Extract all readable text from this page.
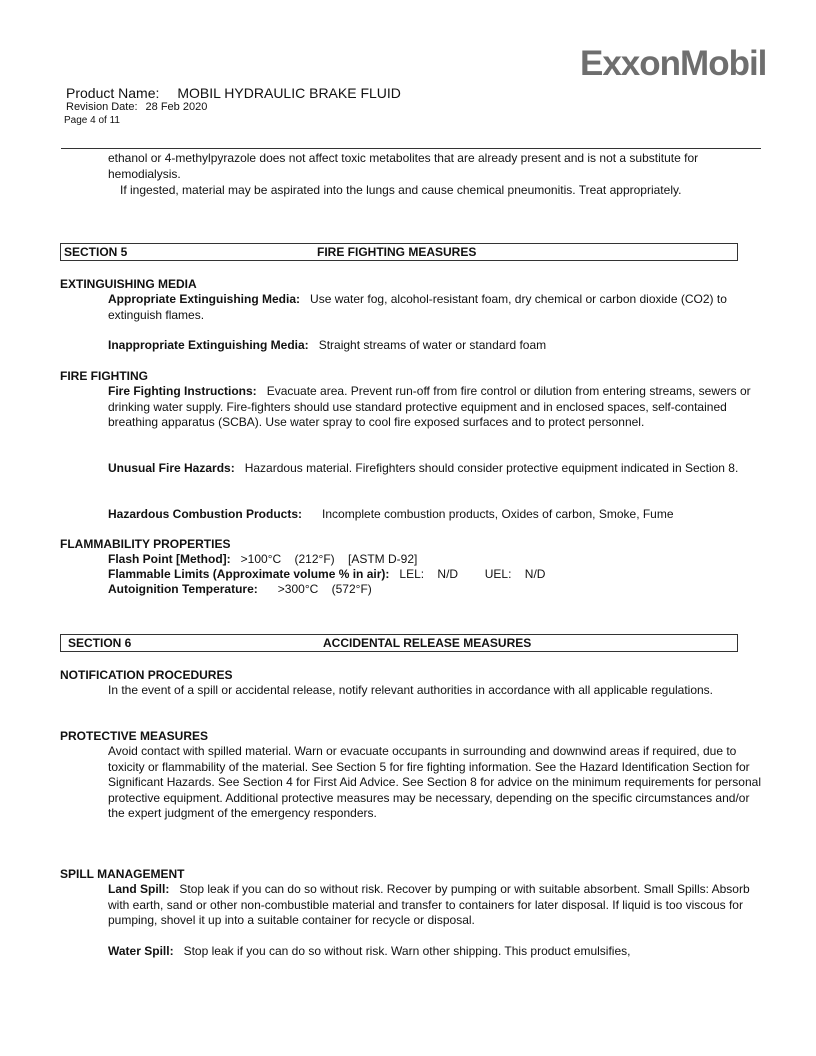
ExxonMobil
Product Name: MOBIL HYDRAULIC BRAKE FLUID
Revision Date: 28 Feb 2020
Page 4 of 11
ethanol or 4-methylpyrazole does not affect toxic metabolites that are already present and is not a substitute for hemodialysis.
If ingested, material may be aspirated into the lungs and cause chemical pneumonitis. Treat appropriately.
SECTION 5	FIRE FIGHTING MEASURES
EXTINGUISHING MEDIA
Appropriate Extinguishing Media: Use water fog, alcohol-resistant foam, dry chemical or carbon dioxide (CO2) to extinguish flames.
Inappropriate Extinguishing Media: Straight streams of water or standard foam
FIRE FIGHTING
Fire Fighting Instructions: Evacuate area. Prevent run-off from fire control or dilution from entering streams, sewers or drinking water supply. Fire-fighters should use standard protective equipment and in enclosed spaces, self-contained breathing apparatus (SCBA). Use water spray to cool fire exposed surfaces and to protect personnel.
Unusual Fire Hazards: Hazardous material. Firefighters should consider protective equipment indicated in Section 8.
Hazardous Combustion Products: Incomplete combustion products, Oxides of carbon, Smoke, Fume
FLAMMABILITY PROPERTIES
Flash Point [Method]: >100°C    (212°F)    [ASTM D-92]
Flammable Limits (Approximate volume % in air): LEL:    N/D        UEL:    N/D
Autoignition Temperature: >300°C    (572°F)
SECTION 6	ACCIDENTAL RELEASE MEASURES
NOTIFICATION PROCEDURES
In the event of a spill or accidental release, notify relevant authorities in accordance with all applicable regulations.
PROTECTIVE MEASURES
Avoid contact with spilled material. Warn or evacuate occupants in surrounding and downwind areas if required, due to toxicity or flammability of the material. See Section 5 for fire fighting information. See the Hazard Identification Section for Significant Hazards. See Section 4 for First Aid Advice. See Section 8 for advice on the minimum requirements for personal protective equipment. Additional protective measures may be necessary, depending on the specific circumstances and/or the expert judgment of the emergency responders.
SPILL MANAGEMENT
Land Spill: Stop leak if you can do so without risk. Recover by pumping or with suitable absorbent. Small Spills: Absorb with earth, sand or other non-combustible material and transfer to containers for later disposal. If liquid is too viscous for pumping, shovel it up into a suitable container for recycle or disposal.
Water Spill: Stop leak if you can do so without risk. Warn other shipping. This product emulsifies,
